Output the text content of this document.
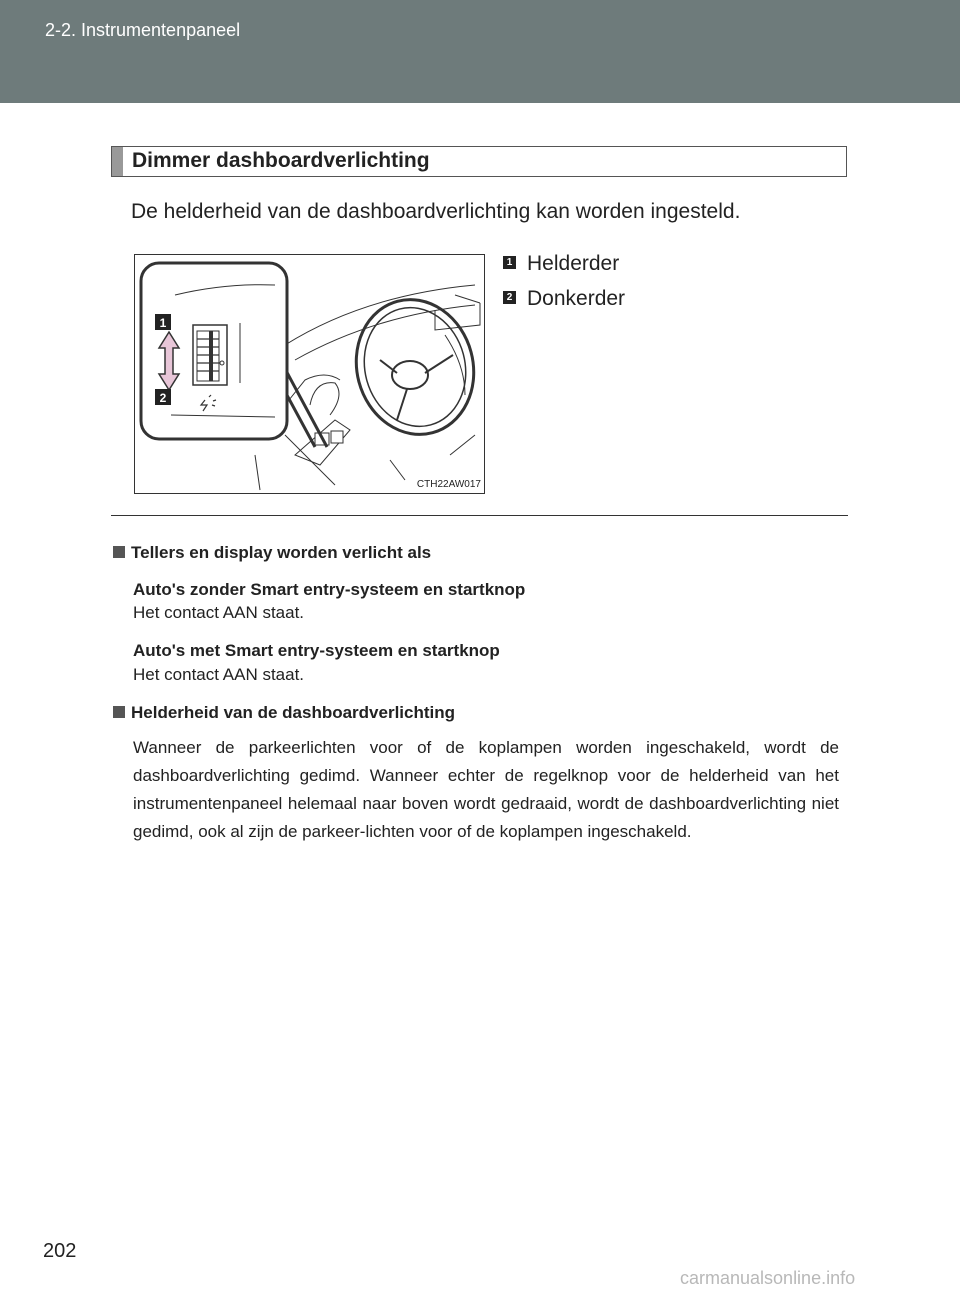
2-2. Instrumentenpaneel
Dimmer dashboardverlichting
De helderheid van de dashboardverlichting kan worden ingesteld.
1
2
CTH22AW017
1 Helderder
2 Donkerder
Tellers en display worden verlicht als
Auto's zonder Smart entry-systeem en startknop
Het contact AAN staat.
Auto's met Smart entry-systeem en startknop
Het contact AAN staat.
Helderheid van de dashboardverlichting

Wanneer de parkeerlichten voor of de koplampen worden ingeschakeld, wordt de dashboardverlichting gedimd. Wanneer echter de regelknop voor de helderheid van het instrumentenpaneel helemaal naar boven wordt gedraaid, wordt de dashboardverlichting niet gedimd, ook al zijn de parkeer-lichten voor of de koplampen ingeschakeld.

202
carmanualsonline.info
